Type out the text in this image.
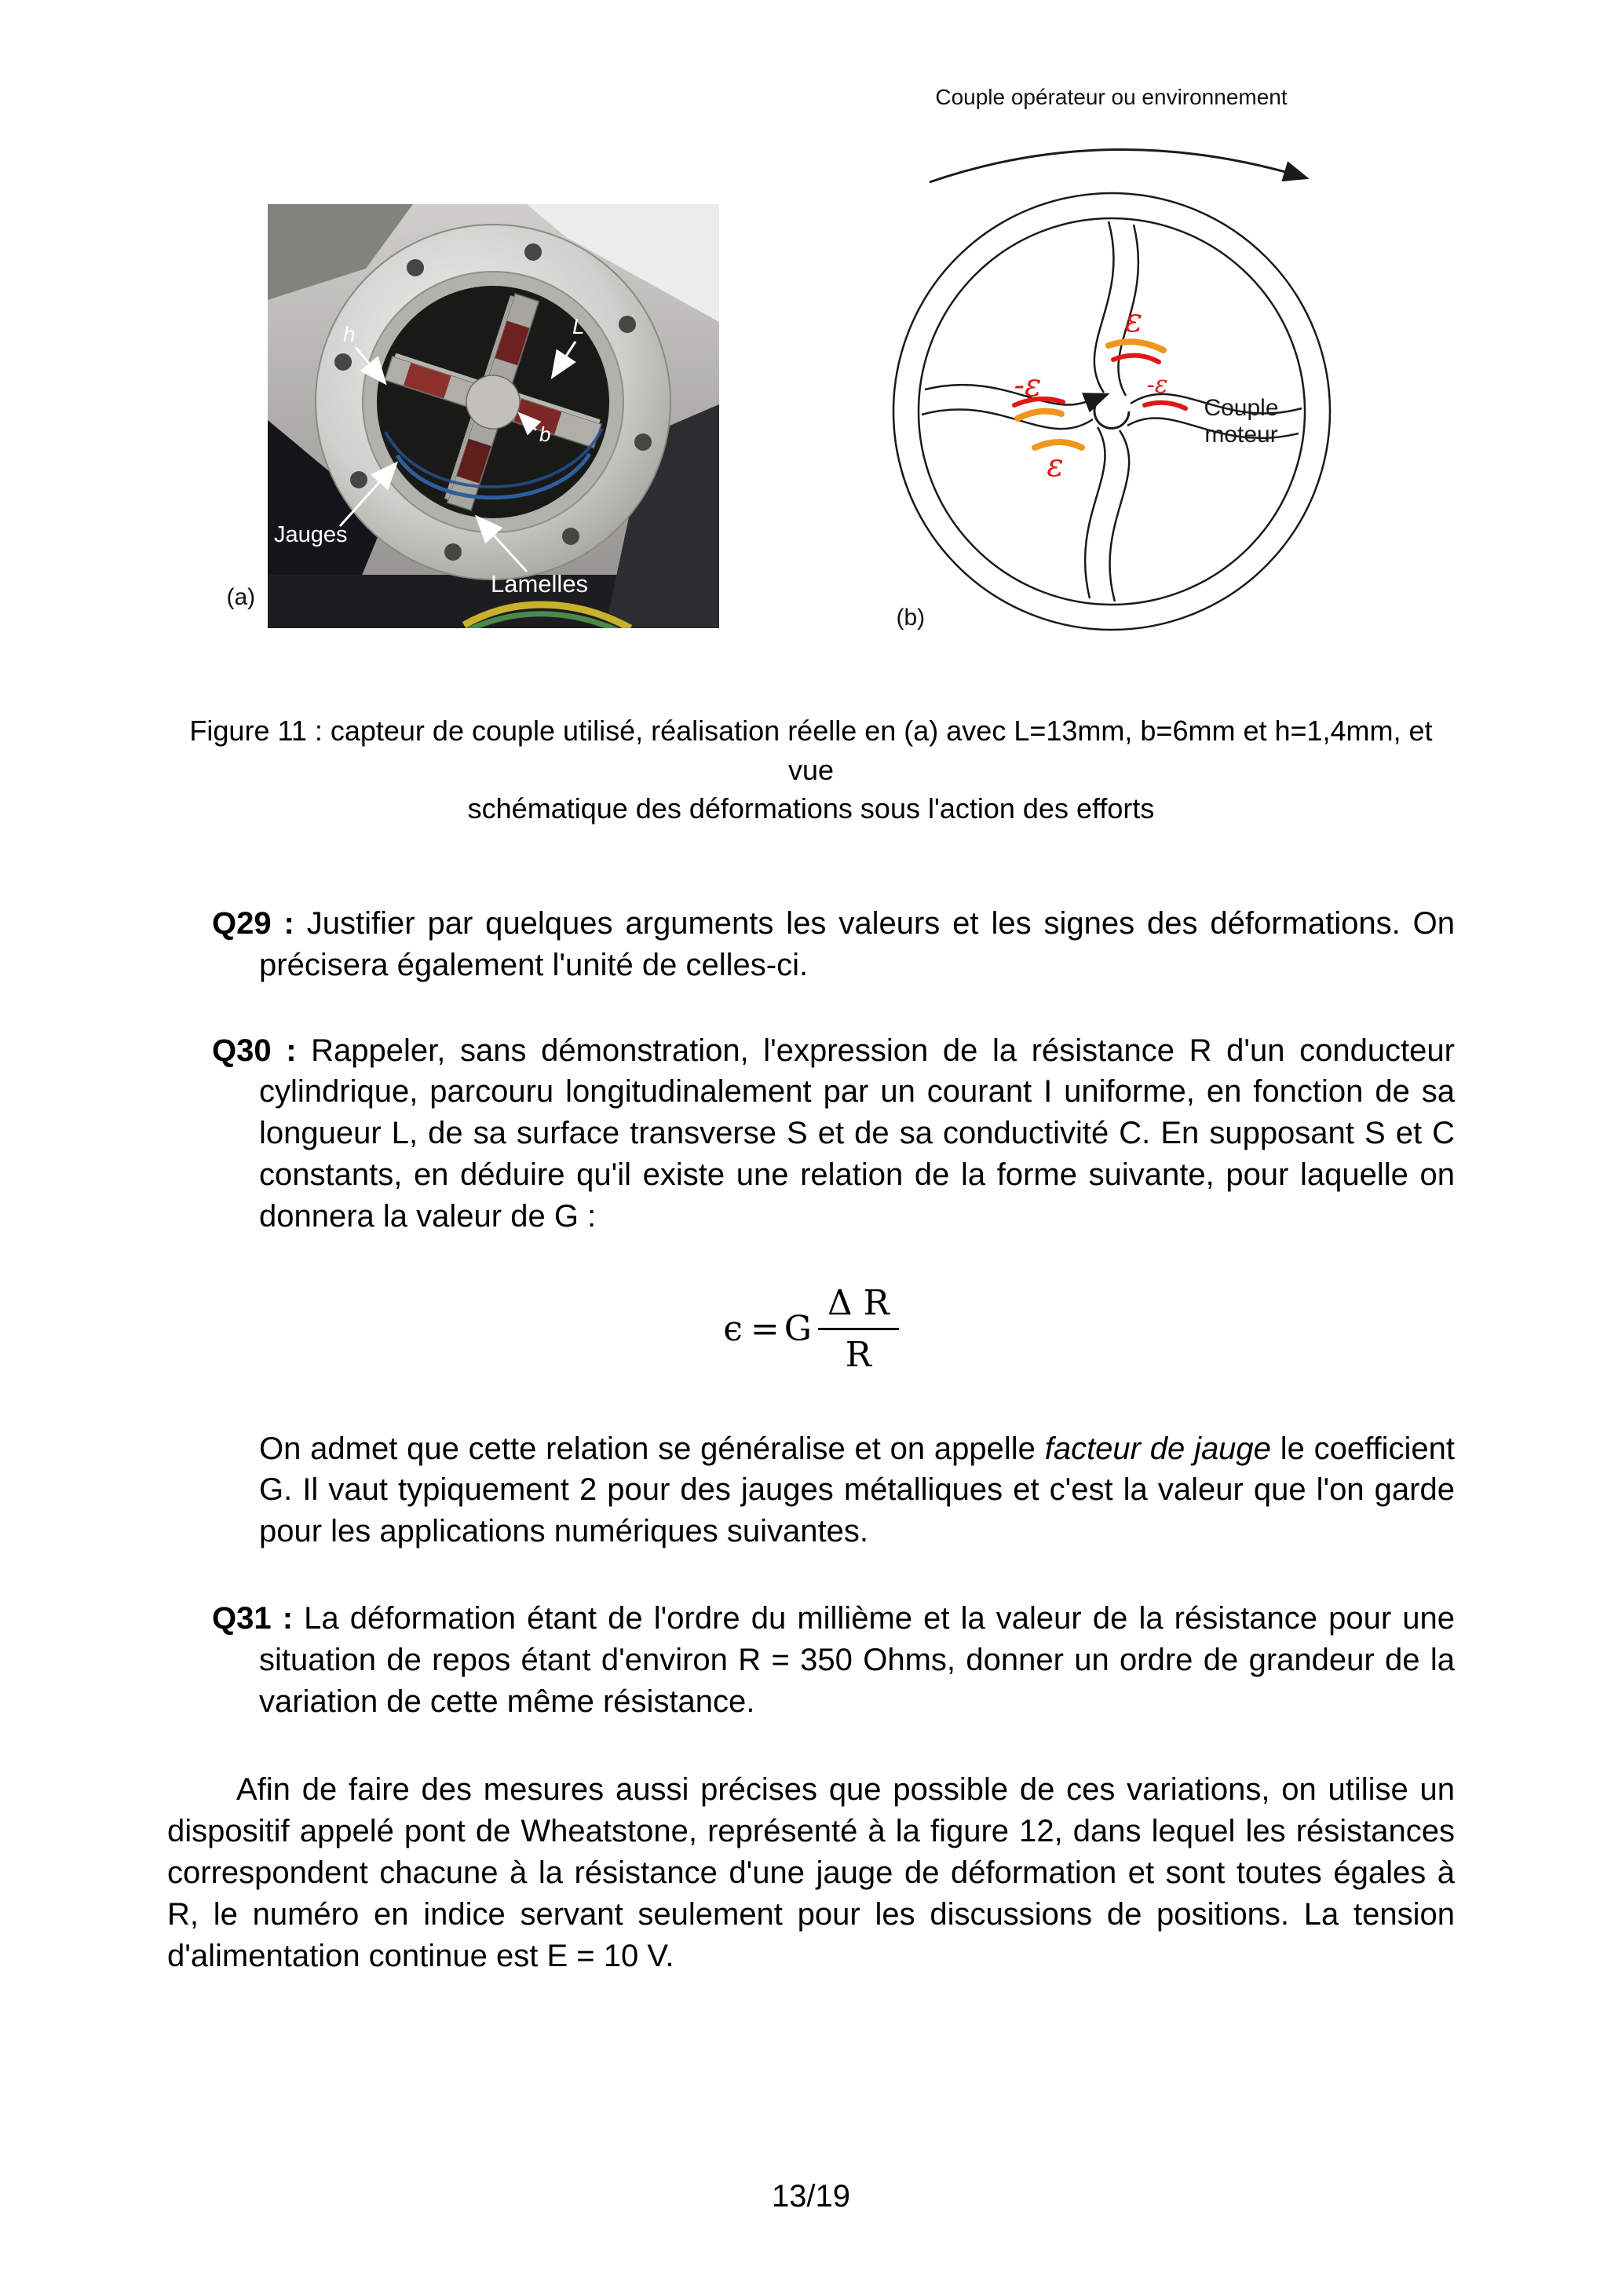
h	L
b
Jauges
Lamelles
(a)
Couple opérateur ou environnement
ε
-ε	-ε
ε
Couple
moteur
(b)
Figure 11 : capteur de couple utilisé, réalisation réelle en (a) avec L=13mm, b=6mm et h=1,4mm, et vue
schématique des déformations sous l'action des efforts

Q29 : Justifier par quelques arguments les valeurs et les signes des déformations. On précisera également l'unité de celles-ci.

Q30 : Rappeler, sans démonstration, l'expression de la résistance R d'un conducteur cylindrique, parcouru longitudinalement par un courant I uniforme, en fonction de sa longueur L, de sa surface transverse S et de sa conductivité C. En supposant S et C constants, en déduire qu'il existe une relation de la forme suivante, pour laquelle on donnera la valeur de G :

ϵ = G $\frac{\text{Δ R}}{R}$

On admet que cette relation se généralise et on appelle facteur de jauge le coefficient G. Il vaut typiquement 2 pour des jauges métalliques et c'est la valeur que l'on garde pour les applications numériques suivantes.

Q31 : La déformation étant de l'ordre du millième et la valeur de la résistance pour une situation de repos étant d'environ R = 350 Ohms, donner un ordre de grandeur de la variation de cette même résistance.

Afin de faire des mesures aussi précises que possible de ces variations, on utilise un dispositif appelé pont de Wheatstone, représenté à la figure 12, dans lequel les résistances correspondent chacune à la résistance d'une jauge de déformation et sont toutes égales à R, le numéro en indice servant seulement pour les discussions de positions. La tension d'alimentation continue est E = 10 V.

13/19
